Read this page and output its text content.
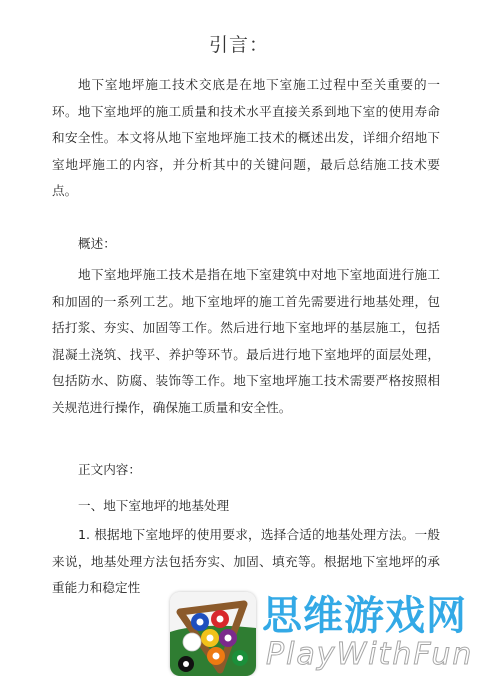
引言：

地下室地坪施工技术交底是在地下室施工过程中至关重要的一环。地下室地坪的施工质量和技术水平直接关系到地下室的使用寿命和安全性。本文将从地下室地坪施工技术的概述出发，详细介绍地下室地坪施工的内容，并分析其中的关键问题，最后总结施工技术要点。

概述：

地下室地坪施工技术是指在地下室建筑中对地下室地面进行施工和加固的一系列工艺。地下室地坪的施工首先需要进行地基处理，包括打浆、夯实、加固等工作。然后进行地下室地坪的基层施工，包括混凝土浇筑、找平、养护等环节。最后进行地下室地坪的面层处理，包括防水、防腐、装饰等工作。地下室地坪施工技术需要严格按照相关规范进行操作，确保施工质量和安全性。

正文内容：

一、地下室地坪的地基处理

1. 根据地下室地坪的使用要求，选择合适的地基处理方法。一般来说，地基处理方法包括夯实、加固、填充等。根据地下室地坪的承重能力和稳定性

思维游戏网
PlayWithFun
